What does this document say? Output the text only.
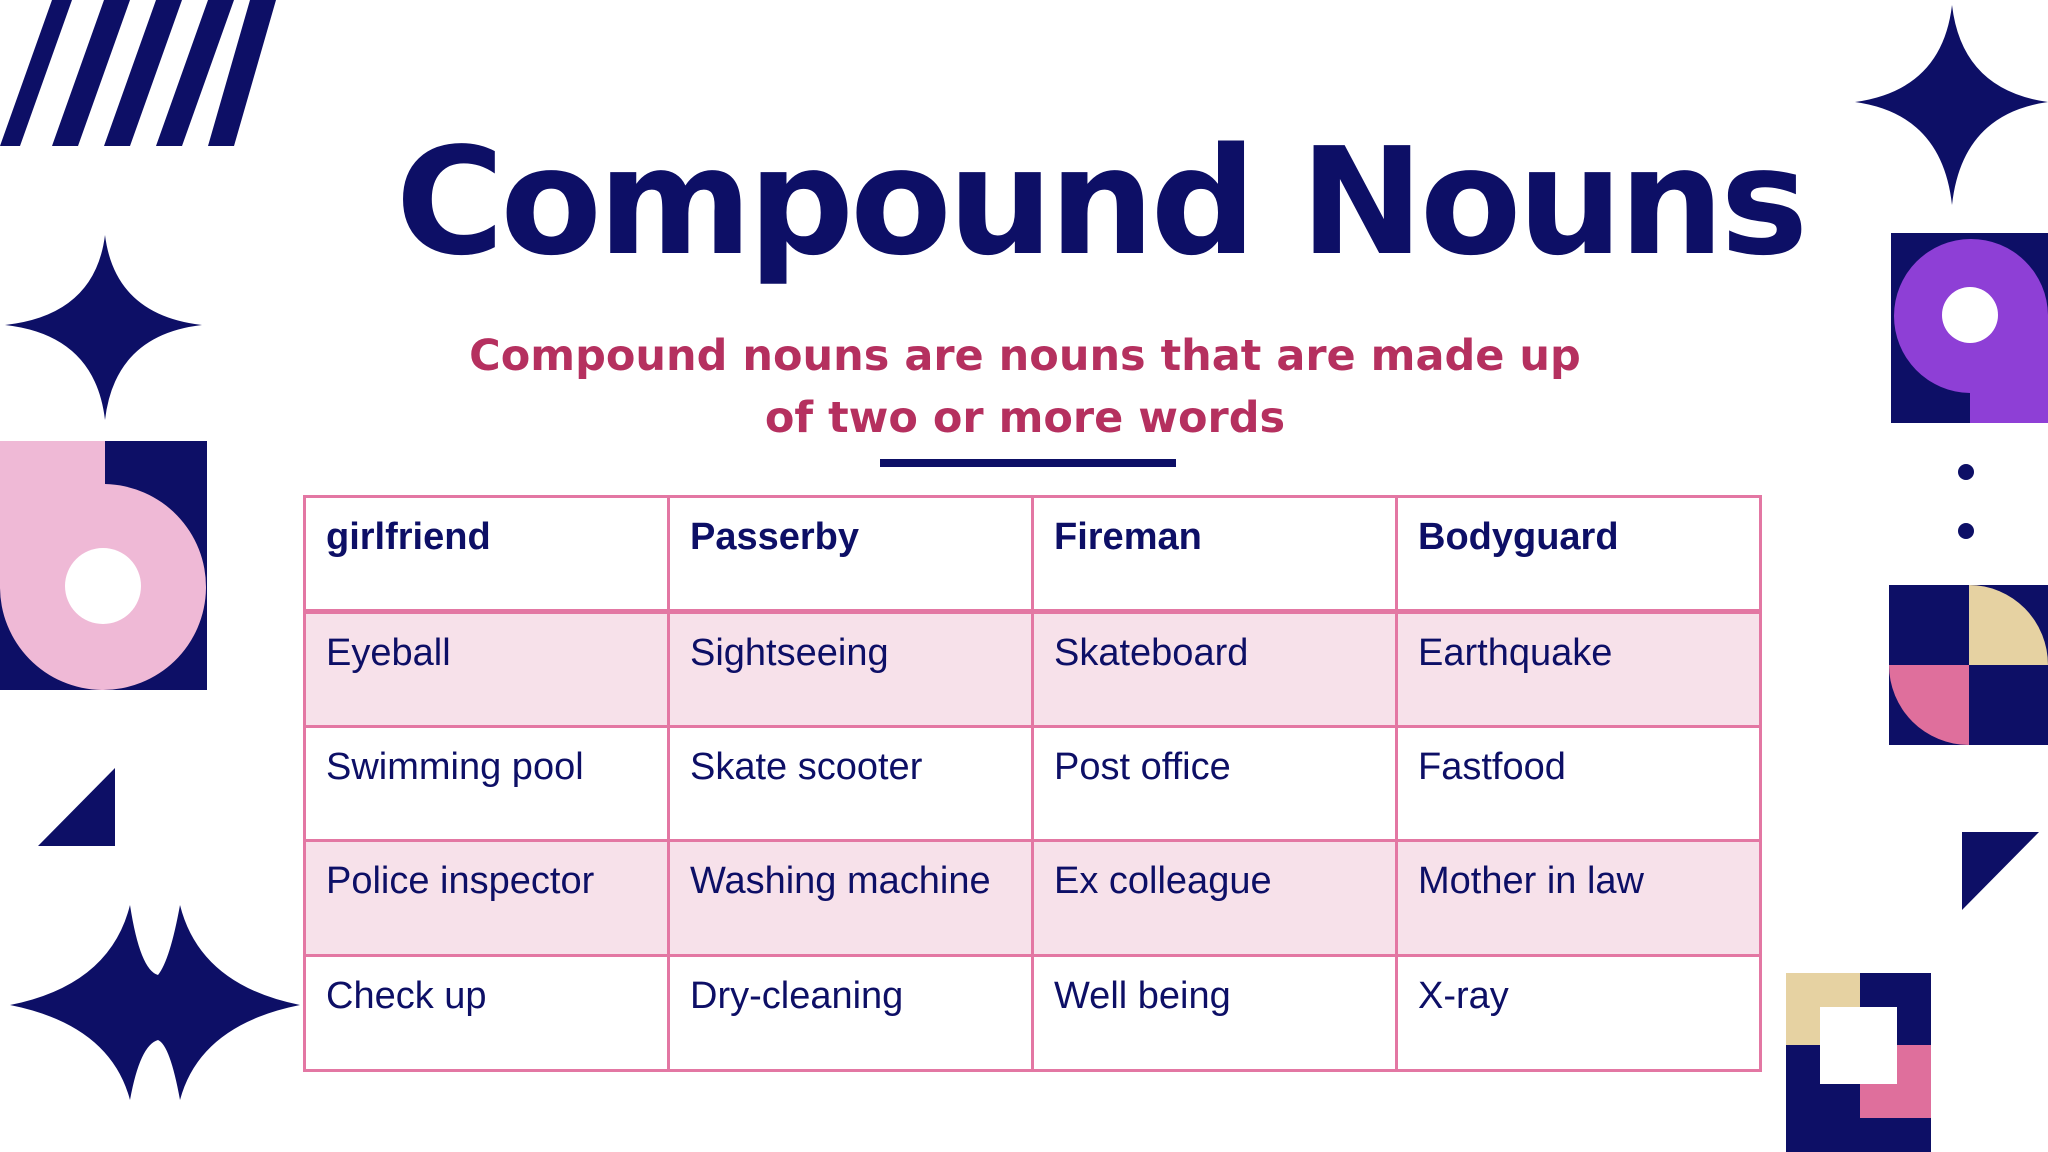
Compound Nouns
Compound nouns are nouns that are made up
of two or more words
girlfriend	Passerby	Fireman	Bodyguard
Eyeball	Sightseeing	Skateboard	Earthquake
Swimming pool	Skate scooter	Post office	Fastfood
Police inspector	Washing machine	Ex colleague	Mother in law
Check up	Dry-cleaning	Well being	X-ray
